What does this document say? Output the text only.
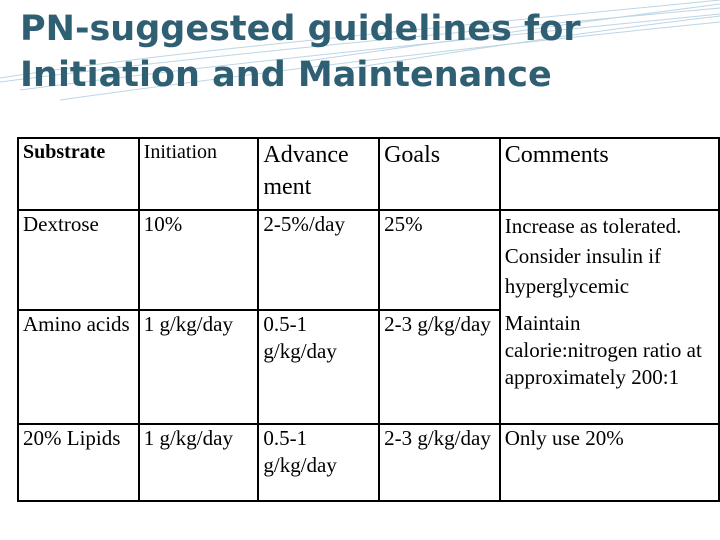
PN-suggested guidelines for
Initiation and Maintenance
Substrate	Initiation	Advance ment	Goals	Comments
Dextrose	10%	2-5%/day	25%	Increase as tolerated. Consider insulin if hyperglycemic
Amino acids	1 g/kg/day	0.5-1 g/kg/day	2-3 g/kg/day	Maintain calorie:nitrogen ratio at approximately 200:1
20% Lipids	1 g/kg/day	0.5-1 g/kg/day	2-3 g/kg/day	Only use 20%
